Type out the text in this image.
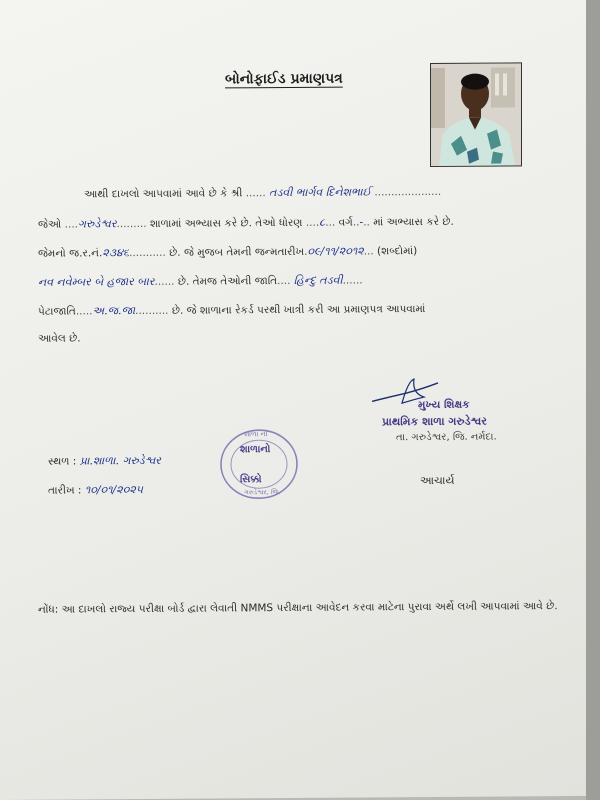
બોનોફાઈડ પ્રમાણપત્ર
આથી દાખલો આપવામાં આવે છે કે શ્રી ...... તડવી ભાર્ગવ દિનેશભાઈ ....................
જેઓ ....ગરુડેશ્વર......... શાળામાં અભ્યાસ કરે છે. તેઓ ધોરણ ....૮... વર્ગ..-.. માં અભ્યાસ કરે છે.
જેમનો જ.ર.નં.૨૩૪૬........... છે. જે મુજબ તેમની જન્મતારીખ.૦૯/૧૧/૨૦૧૨... (શબ્દોમાં)
નવ નવેમ્બર બે હજાર બાર...... છે. તેમજ તેઓની જાતિ.... હિન્દુ તડવી......
પેટાજાતિ.....અ.જ.જા.......... છે. જે શાળાના રેકર્ડ પરથી ખાત્રી કરી આ પ્રમાણપત્ર આપવામાં
આવેલ છે.
મુખ્ય શિક્ષક
પ્રાથમિક શાળા ગરુડેશ્વર
તા. ગરુડેશ્વર, જિ. નર્મદા.
સ્થળ : પ્રા.શાળા. ગરુડેશ્વર
તારીખ : ૧૦/૦૧/૨૦૨૫
શાળા નો
શાળાનો
સિક્કો
ગરુડેશ્વર, જિ.
આચાર્ય
નોંધ: આ દાખલો રાજ્ય પરીક્ષા બોર્ડ દ્વારા લેવાતી NMMS પરીક્ષાના આવેદન કરવા માટેના પુરાવા અર્થે લખી આપવામાં આવે છે.
